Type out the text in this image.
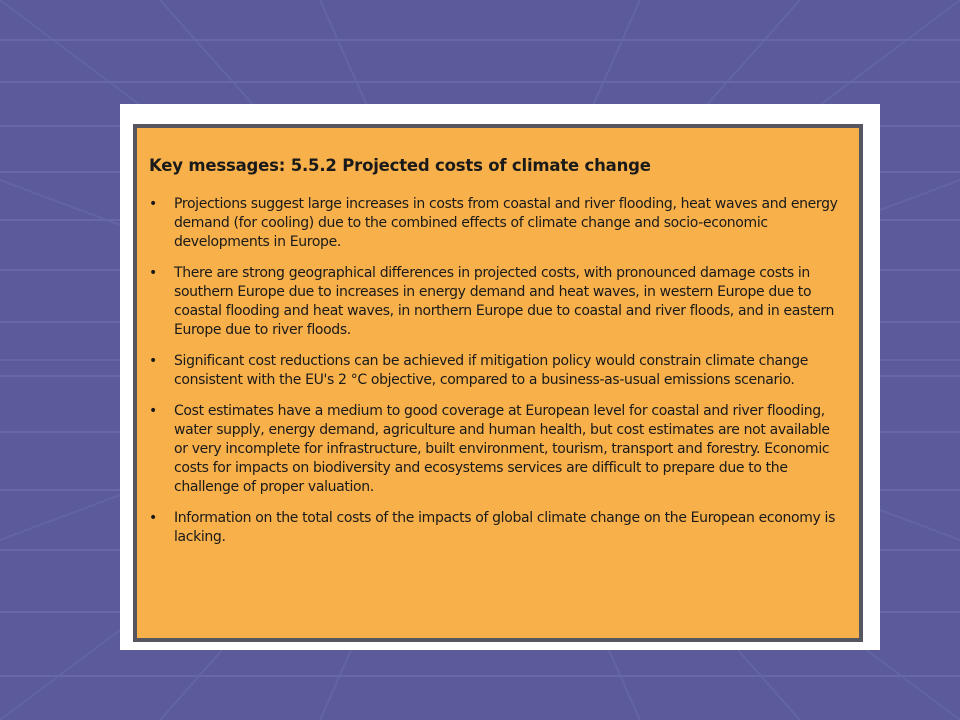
Key messages: 5.5.2 Projected costs of climate change
• Projections suggest large increases in costs from coastal and river flooding, heat waves and energy demand (for cooling) due to the combined effects of climate change and socio-economic developments in Europe.
• There are strong geographical differences in projected costs, with pronounced damage costs in southern Europe due to increases in energy demand and heat waves, in western Europe due to coastal flooding and heat waves, in northern Europe due to coastal and river floods, and in eastern Europe due to river floods.
• Significant cost reductions can be achieved if mitigation policy would constrain climate change consistent with the EU's 2 °C objective, compared to a business-as-usual emissions scenario.
• Cost estimates have a medium to good coverage at European level for coastal and river flooding, water supply, energy demand, agriculture and human health, but cost estimates are not available or very incomplete for infrastructure, built environment, tourism, transport and forestry. Economic costs for impacts on biodiversity and ecosystems services are difficult to prepare due to the challenge of proper valuation.
• Information on the total costs of the impacts of global climate change on the European economy is lacking.
